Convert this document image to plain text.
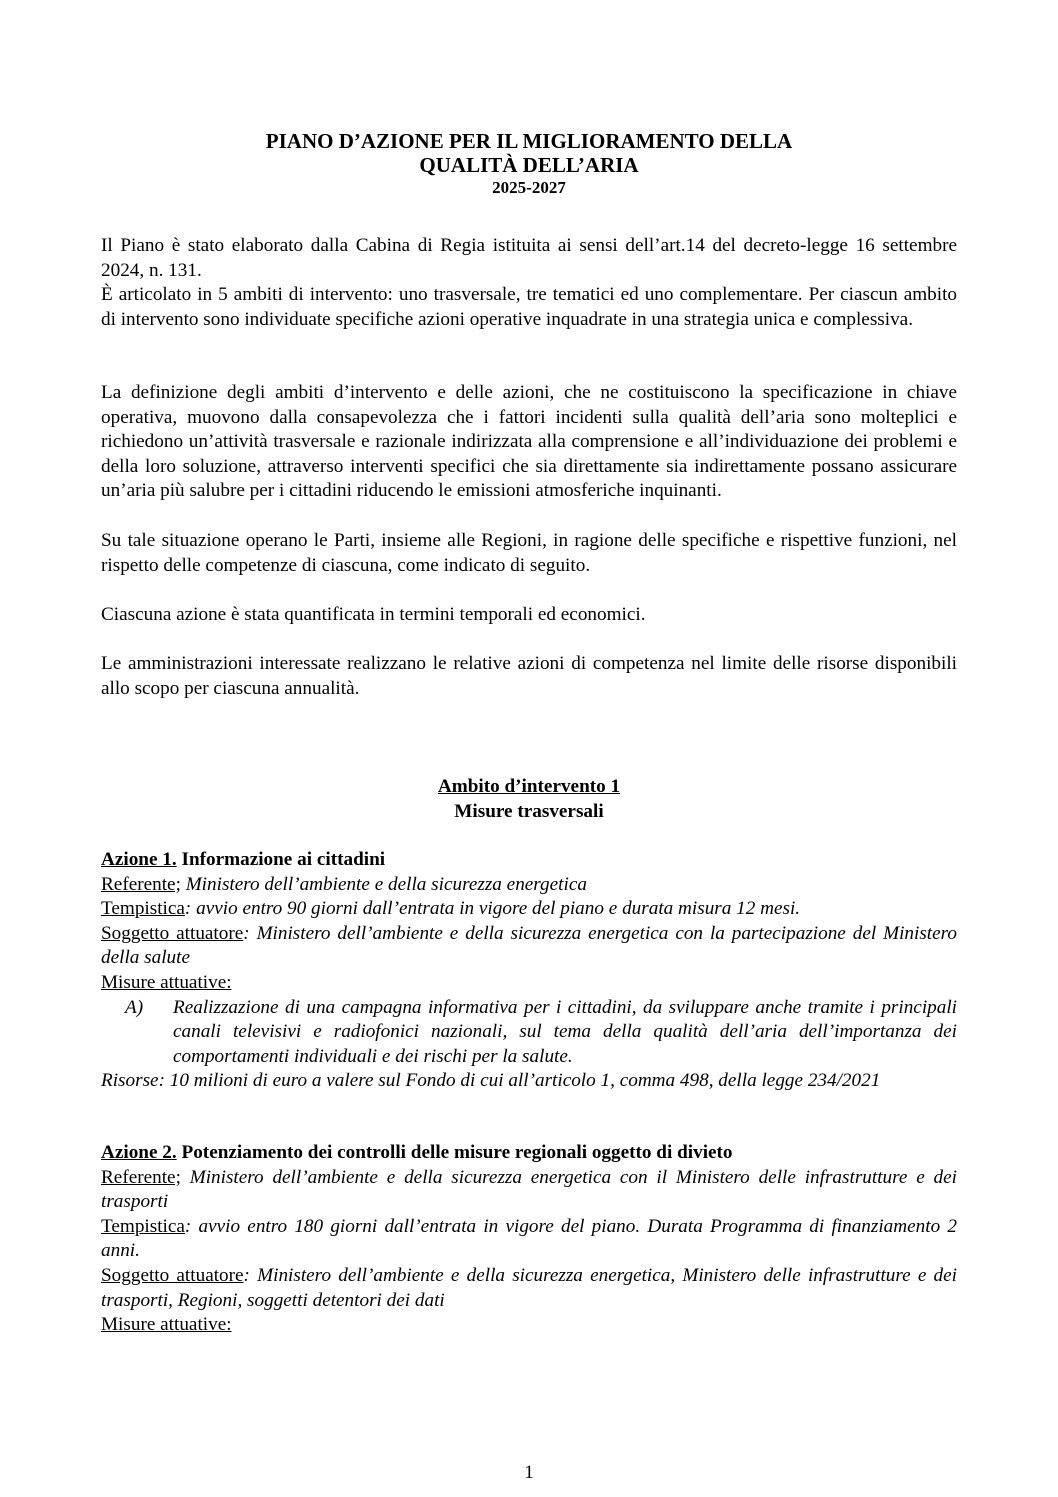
PIANO D’AZIONE PER IL MIGLIORAMENTO DELLA
QUALITÀ DELL’ARIA
2025-2027

Il Piano è stato elaborato dalla Cabina di Regia istituita ai sensi dell’art.14 del decreto-legge 16 settembre 2024, n. 131.

È articolato in 5 ambiti di intervento: uno trasversale, tre tematici ed uno complementare. Per ciascun ambito di intervento sono individuate specifiche azioni operative inquadrate in una strategia unica e complessiva.

La definizione degli ambiti d’intervento e delle azioni, che ne costituiscono la specificazione in chiave operativa, muovono dalla consapevolezza che i fattori incidenti sulla qualità dell’aria sono molteplici e richiedono un’attività trasversale e razionale indirizzata alla comprensione e all’individuazione dei problemi e della loro soluzione, attraverso interventi specifici che sia direttamente sia indirettamente possano assicurare un’aria più salubre per i cittadini riducendo le emissioni atmosferiche inquinanti.

Su tale situazione operano le Parti, insieme alle Regioni, in ragione delle specifiche e rispettive funzioni, nel rispetto delle competenze di ciascuna, come indicato di seguito.

Ciascuna azione è stata quantificata in termini temporali ed economici.

Le amministrazioni interessate realizzano le relative azioni di competenza nel limite delle risorse disponibili allo scopo per ciascuna annualità.

Ambito d’intervento 1
Misure trasversali

Azione 1. Informazione ai cittadini

Referente; Ministero dell’ambiente e della sicurezza energetica

Tempistica: avvio entro 90 giorni dall’entrata in vigore del piano e durata misura 12 mesi.

Soggetto attuatore: Ministero dell’ambiente e della sicurezza energetica con la partecipazione del Ministero della salute

Misure attuative:

A)	Realizzazione di una campagna informativa per i cittadini, da sviluppare anche tramite i principali canali televisivi e radiofonici nazionali, sul tema della qualità dell’aria dell’importanza dei comportamenti individuali e dei rischi per la salute.

Risorse: 10 milioni di euro a valere sul Fondo di cui all’articolo 1, comma 498, della legge 234/2021

Azione 2. Potenziamento dei controlli delle misure regionali oggetto di divieto

Referente; Ministero dell’ambiente e della sicurezza energetica con il Ministero delle infrastrutture e dei trasporti

Tempistica: avvio entro 180 giorni dall’entrata in vigore del piano. Durata Programma di finanziamento 2 anni.

Soggetto attuatore: Ministero dell’ambiente e della sicurezza energetica, Ministero delle infrastrutture e dei trasporti, Regioni, soggetti detentori dei dati

Misure attuative:

1
